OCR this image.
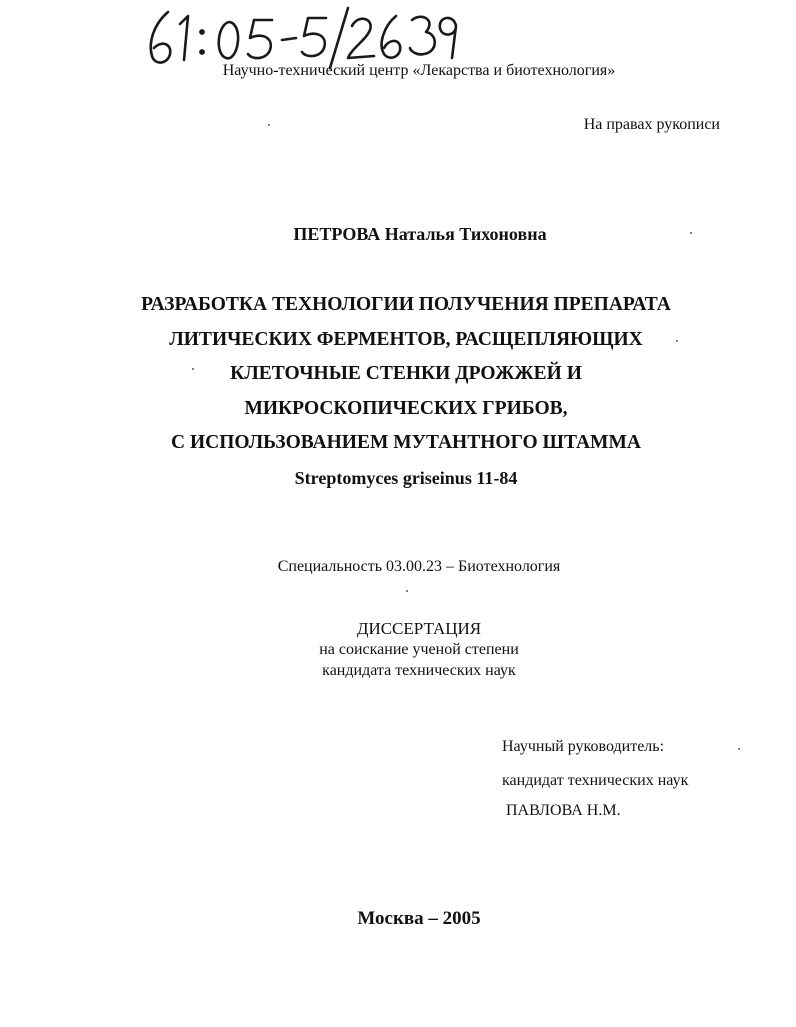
Научно-технический центр «Лекарства и биотехнология»
На правах рукописи
ПЕТРОВА Наталья Тихоновна
РАЗРАБОТКА ТЕХНОЛОГИИ ПОЛУЧЕНИЯ ПРЕПАРАТА
ЛИТИЧЕСКИХ ФЕРМЕНТОВ, РАСЩЕПЛЯЮЩИХ
КЛЕТОЧНЫЕ СТЕНКИ ДРОЖЖЕЙ И
МИКРОСКОПИЧЕСКИХ ГРИБОВ,
С ИСПОЛЬЗОВАНИЕМ МУТАНТНОГО ШТАММА
Streptomyces griseinus 11-84
Специальность 03.00.23 – Биотехнология
ДИССЕРТАЦИЯ
на соискание ученой степени
кандидата технических наук
Научный руководитель:
кандидат технических наук
ПАВЛОВА Н.М.
Москва – 2005
